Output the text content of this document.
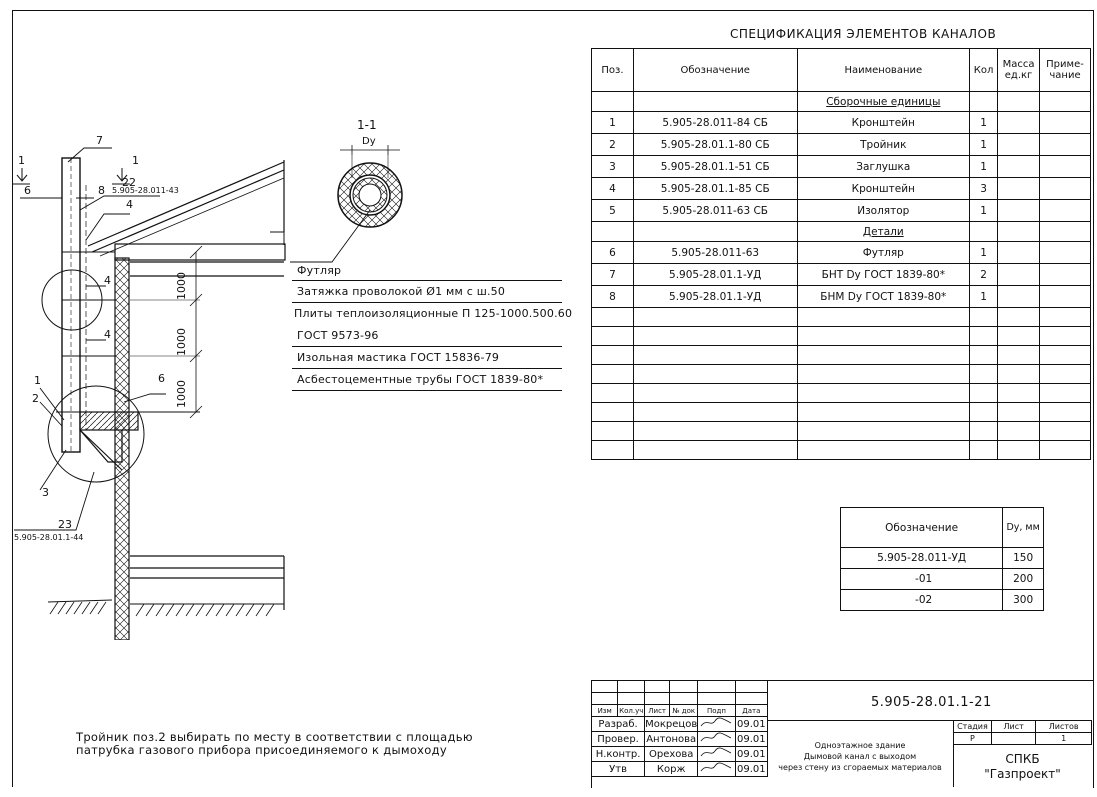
1	1
7
6	8
22
5.905-28.011-43
4
4
4
1
2
6
3
23
5.905-28.01.1-44
1000
1000
1000
1-1
Dу
Футляр
Затяжка проволокой Ø1 мм с ш.50
Плиты теплоизоляционные П 125-1000.500.60
ГОСТ 9573-96
Изольная мастика ГОСТ 15836-79
Асбестоцементные трубы ГОСТ 1839-80*
СПЕЦИФИКАЦИЯ ЭЛЕМЕНТОВ КАНАЛОВ
Поз.	Обозначение	Наименование	Кол	Масса ед.кг	Приме- чание
		Сборочные единицы			
1	5.905-28.011-84 СБ	Кронштейн	1		
2	5.905-28.01.1-80 СБ	Тройник	1		
3	5.905-28.01.1-51 СБ	Заглушка	1		
4	5.905-28.01.1-85 СБ	Кронштейн	3		
5	5.905-28.011-63 СБ	Изолятор	1		
		Детали			
6	5.905-28.011-63	Футляр	1		
7	5.905-28.01.1-УД	БНТ Dу ГОСТ 1839-80*	2		
8	5.905-28.01.1-УД	БНМ Dу ГОСТ 1839-80*	1		

Обозначение	Dу, мм
5.905-28.011-УД	150
-01	200
-02	300
Тройник поз.2 выбирать по месту в соответствии с площадью патрубка газового прибора присоединяемого к дымоходу

Изм	Кол.уч	Лист	№ док	Подп	Дата
Разраб.		Мокрецов			09.01
Провер.		Антонова			09.01
Н.контр.		Орехова			09.01
Утв		Корж			09.01
5.905-28.01.1-21
Одноэтажное здание
Дымовой канал с выходом
через стену из сгораемых материалов
Стадия	Лист	Листов
Р		1
СПКБ
"Газпроект"
